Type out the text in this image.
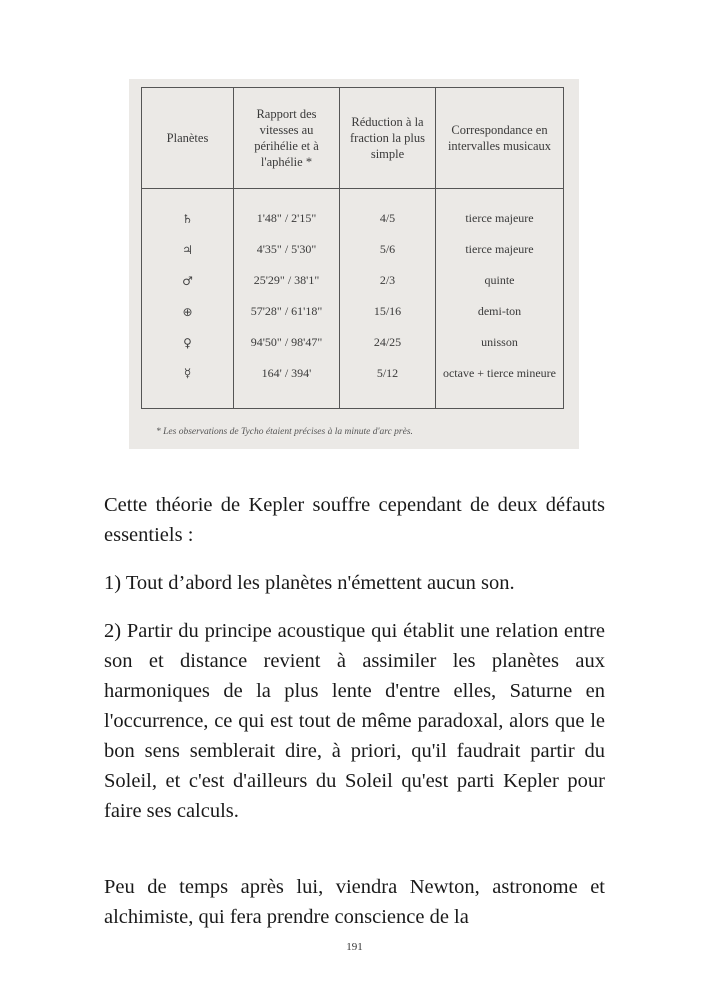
Planètes	Rapport des vitesses au périhélie et à l'aphélie *	Réduction à la fraction la plus simple	Correspondance en intervalles musicaux
♄	1'48" / 2'15"	4/5	tierce majeure
♃	4'35" / 5'30"	5/6	tierce majeure
♂	25'29" / 38'1"	2/3	quinte
⊕	57'28" / 61'18"	15/16	demi-ton
♀	94'50" / 98'47"	24/25	unisson
☿	164' / 394'	5/12	octave + tierce mineure
* Les observations de Tycho étaient précises à la minute d'arc près.

Cette théorie de Kepler souffre cependant de deux défauts essentiels :

1) Tout d’abord les planètes n'émettent aucun son.

2) Partir du principe acoustique qui établit une relation entre son et distance revient à assimiler les planètes aux harmoniques de la plus lente d'entre elles, Saturne en l'occurrence, ce qui est tout de même paradoxal, alors que le bon sens semblerait dire, à priori, qu'il faudrait partir du Soleil, et c'est d'ailleurs du Soleil qu'est parti Kepler pour faire ses calculs.

Peu de temps après lui, viendra Newton, astronome et alchimiste, qui fera prendre conscience de la

191
